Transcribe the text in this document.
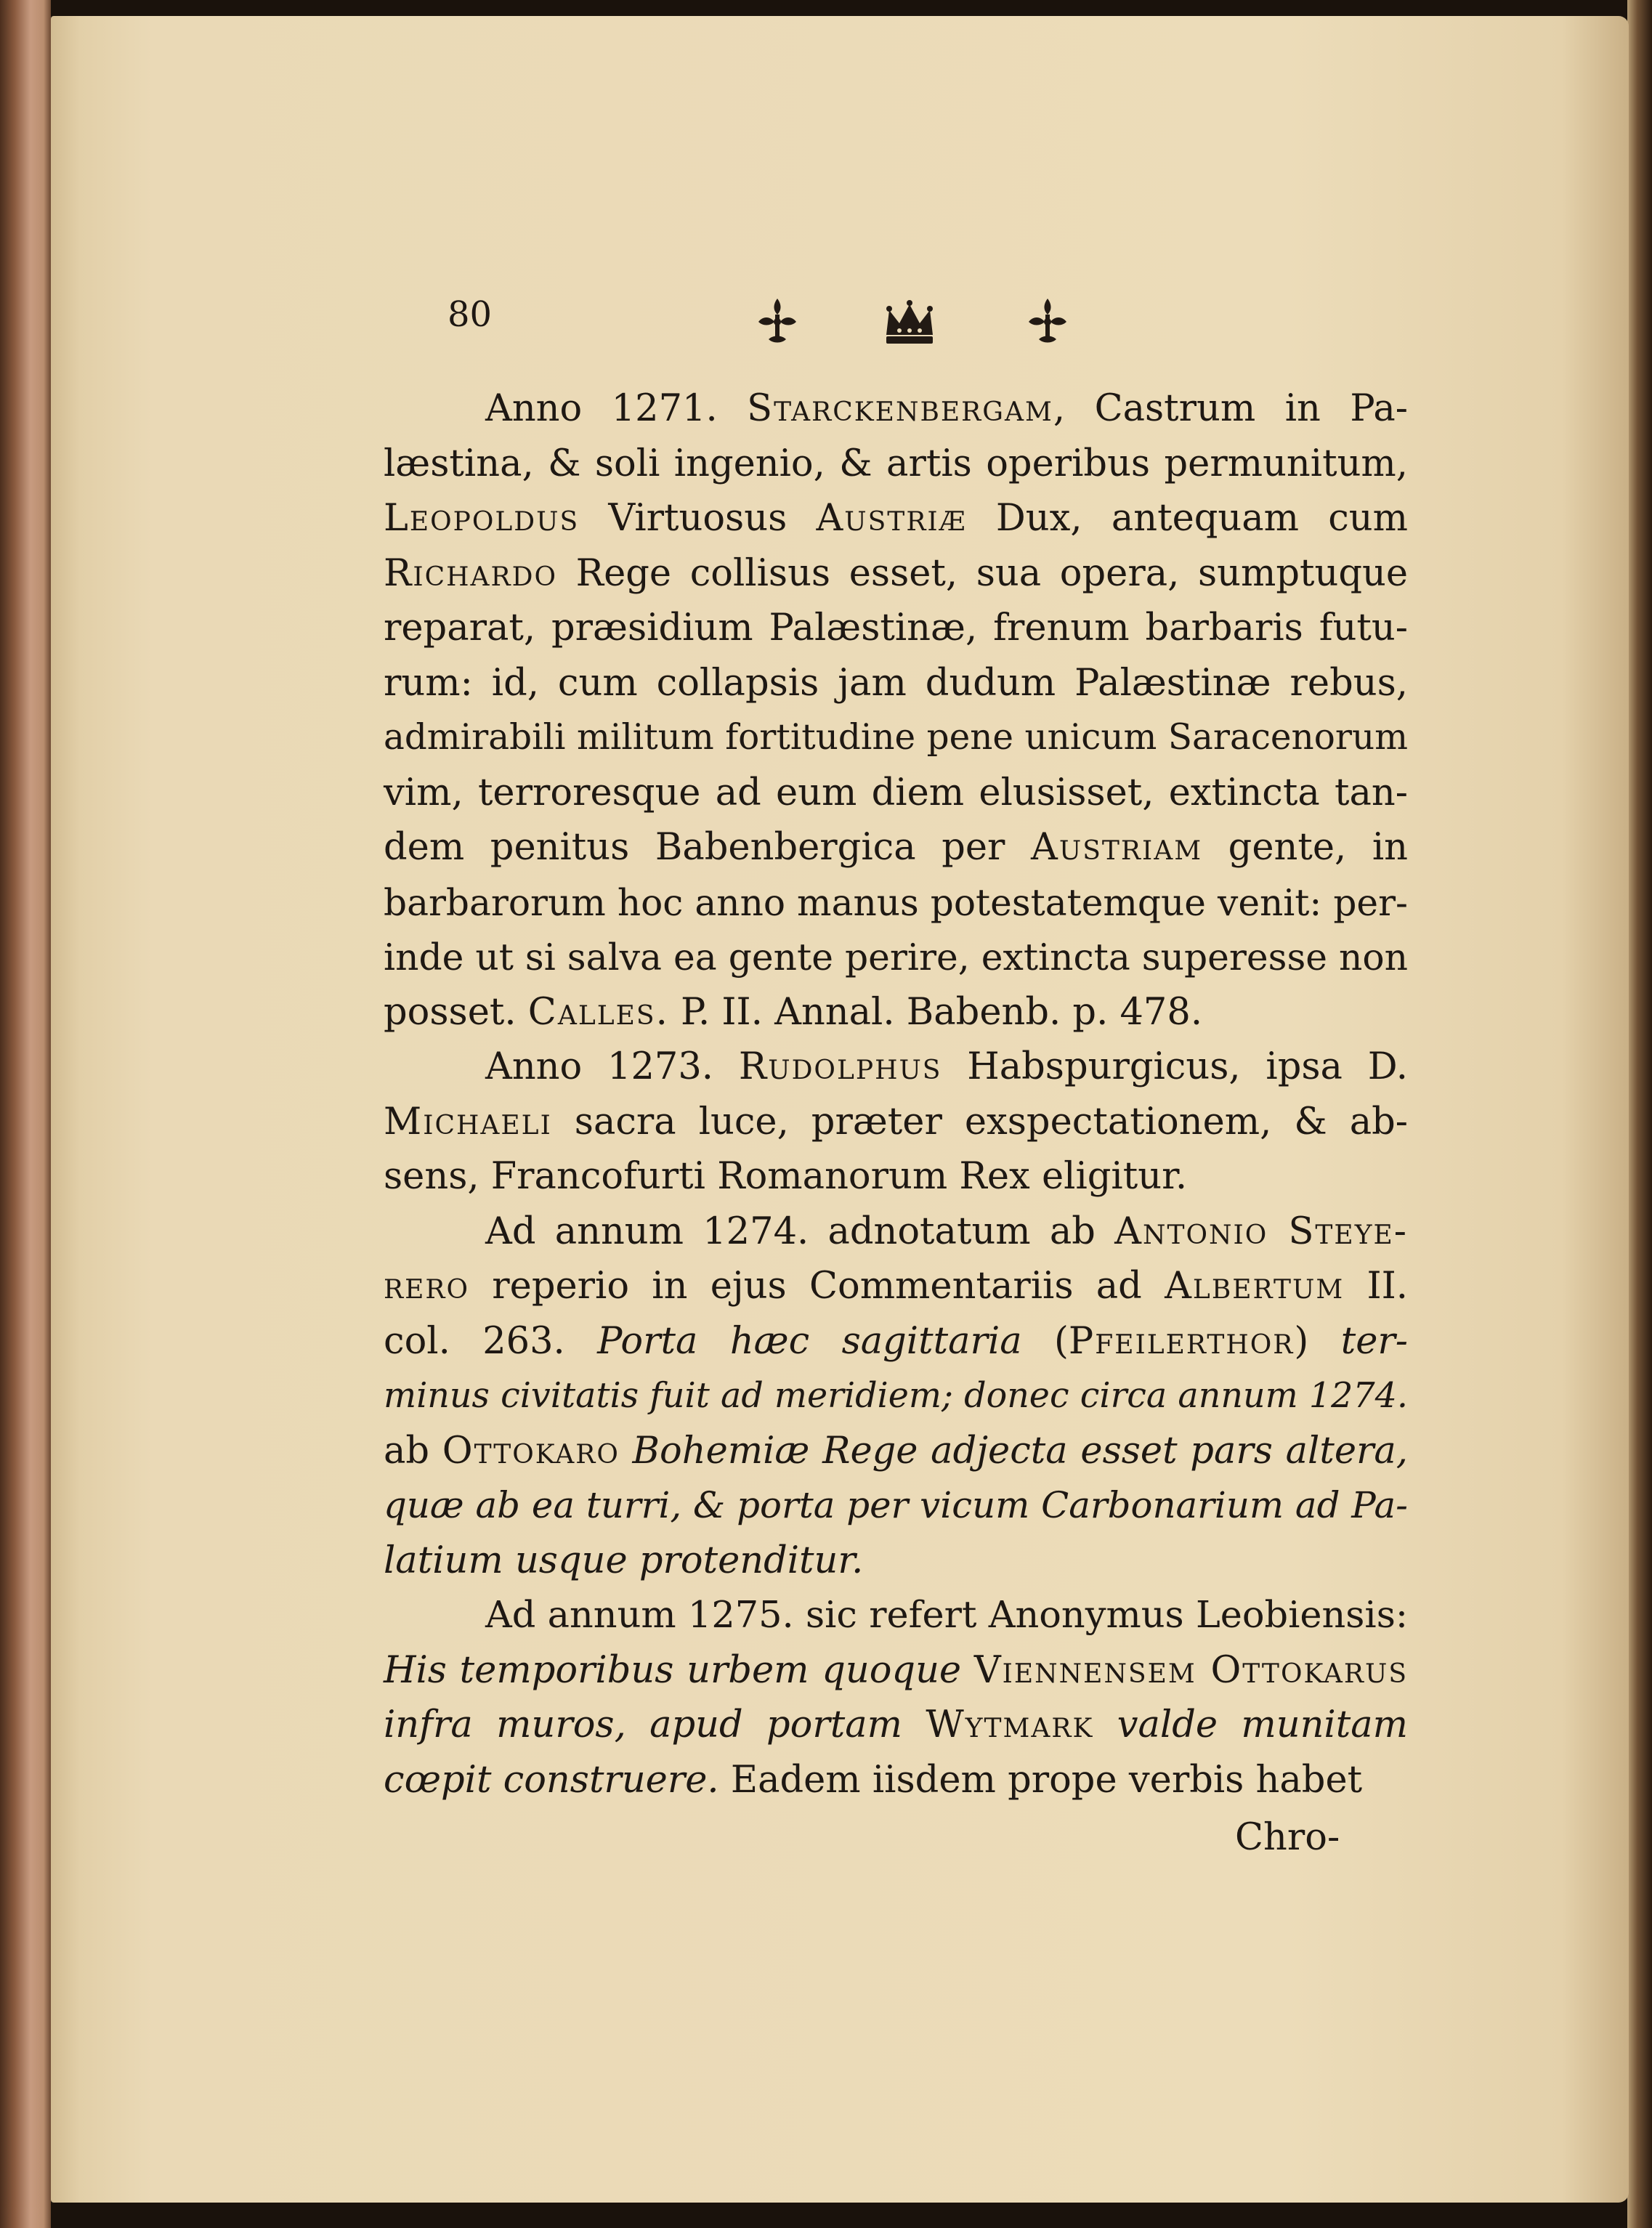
80
Anno 1271. Starckenbergam, Castrum in Pa-
læstina, & soli ingenio, & artis operibus permunitum,
Leopoldus Virtuosus Austriæ Dux, antequam cum
Richardo Rege collisus esset, sua opera, sumptuque
reparat, præsidium Palæstinæ, frenum barbaris futu-
rum: id, cum collapsis jam dudum Palæstinæ rebus,
admirabili militum fortitudine pene unicum Saracenorum
vim, terroresque ad eum diem elusisset, extincta tan-
dem penitus Babenbergica per Austriam gente, in
barbarorum hoc anno manus potestatemque venit: per-
inde ut si salva ea gente perire, extincta superesse non
posset. Calles. P. II. Annal. Babenb. p. 478.
Anno 1273. Rudolphus Habspurgicus, ipsa D.
Michaeli sacra luce, præter exspectationem, & ab-
sens, Francofurti Romanorum Rex eligitur.
Ad annum 1274. adnotatum ab Antonio Steye-
rero reperio in ejus Commentariis ad Albertum II.
col. 263. Porta hæc sagittaria (Pfeilerthor) ter-
minus civitatis fuit ad meridiem; donec circa annum 1274.
ab Ottokaro Bohemiæ Rege adjecta esset pars altera,
quæ ab ea turri, & porta per vicum Carbonarium ad Pa-
latium usque protenditur.
Ad annum 1275. sic refert Anonymus Leobiensis:
His temporibus urbem quoque Viennensem Ottokarus
infra muros, apud portam Wytmark valde munitam
cœpit construere. Eadem iisdem prope verbis habet
Chro-
